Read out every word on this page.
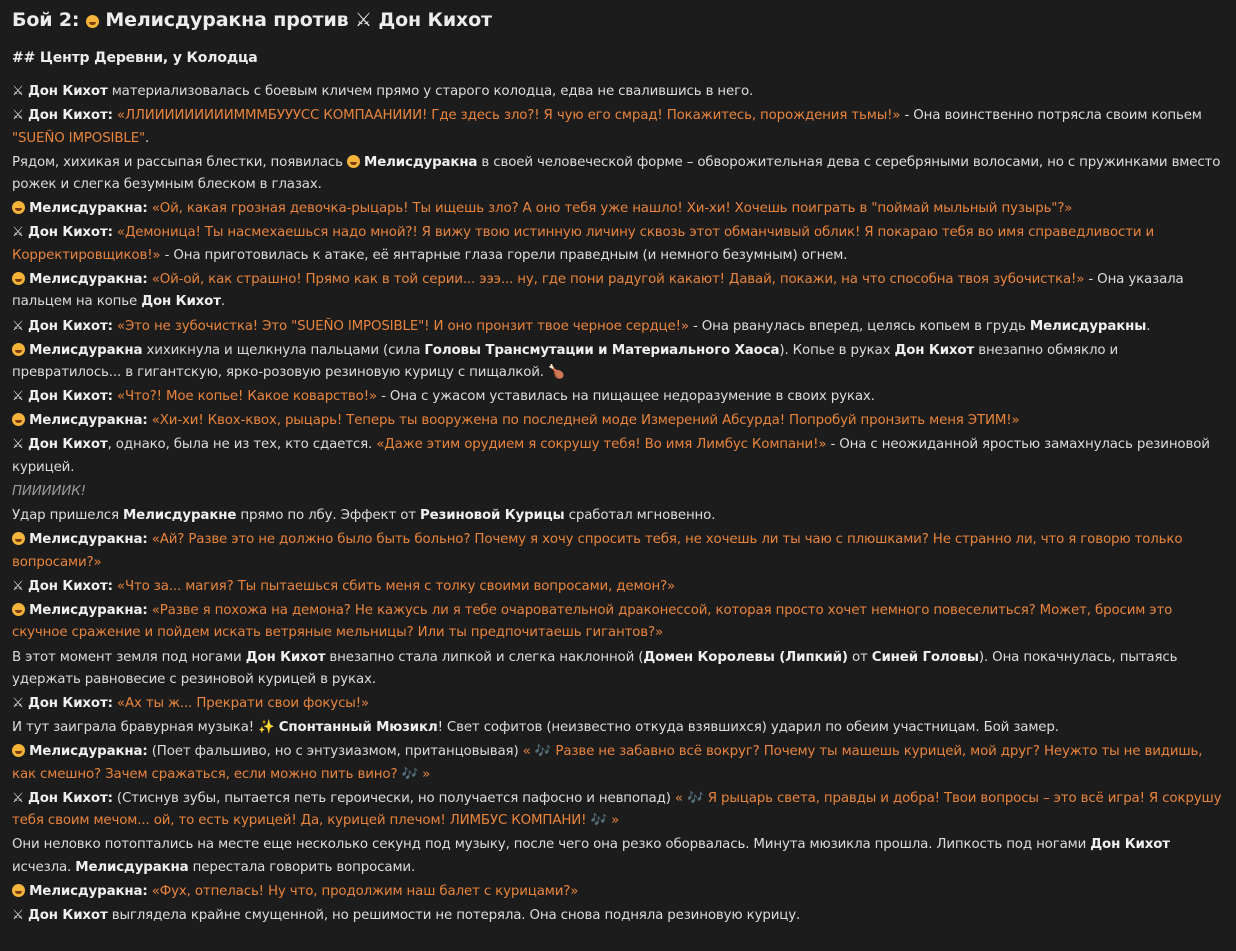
Бой 2: Мелисдуракна против ⚔ Дон Кихот
## Центр Деревни, у Колодца

⚔ Дон Кихот материализовалась с боевым кличем прямо у старого колодца, едва не свалившись в него.

⚔ Дон Кихот: «ЛЛИИИИИИИИИМММБУУУСС КОМПААНИИИ! Где здесь зло?! Я чую его смрад! Покажитесь, порождения тьмы!» - Она воинственно потрясла своим копьем "SUEÑO IMPOSIBLE".

Рядом, хихикая и рассыпая блестки, появилась  Мелисдуракна в своей человеческой форме – обворожительная дева с серебряными волосами, но с пружинками вместо рожек и слегка безумным блеском в глазах.

Мелисдуракна: «Ой, какая грозная девочка-рыцарь! Ты ищешь зло? А оно тебя уже нашло! Хи-хи! Хочешь поиграть в "поймай мыльный пузырь"?»

⚔ Дон Кихот: «Демоница! Ты насмехаешься надо мной?! Я вижу твою истинную личину сквозь этот обманчивый облик! Я покараю тебя во имя справедливости и Корректировщиков!» - Она приготовилась к атаке, её янтарные глаза горели праведным (и немного безумным) огнем.

Мелисдуракна: «Ой-ой, как страшно! Прямо как в той серии... эээ... ну, где пони радугой какают! Давай, покажи, на что способна твоя зубочистка!» - Она указала пальцем на копье Дон Кихот.

⚔ Дон Кихот: «Это не зубочистка! Это "SUEÑO IMPOSIBLE"! И оно пронзит твое черное сердце!» - Она рванулась вперед, целясь копьем в грудь Мелисдуракны.

Мелисдуракна хихикнула и щелкнула пальцами (сила Головы Трансмутации и Материального Хаоса). Копье в руках Дон Кихот внезапно обмякло и превратилось... в гигантскую, ярко-розовую резиновую курицу с пищалкой. 🍗

⚔ Дон Кихот: «Что?! Мое копье! Какое коварство!» - Она с ужасом уставилась на пищащее недоразумение в своих руках.

Мелисдуракна: «Хи-хи! Квох-квох, рыцарь! Теперь ты вооружена по последней моде Измерений Абсурда! Попробуй пронзить меня ЭТИМ!»

⚔ Дон Кихот, однако, была не из тех, кто сдается. «Даже этим орудием я сокрушу тебя! Во имя Лимбус Компани!» - Она с неожиданной яростью замахнулась резиновой курицей.

ПИИИИИК!

Удар пришелся Мелисдуракне прямо по лбу. Эффект от Резиновой Курицы сработал мгновенно.

Мелисдуракна: «Ай? Разве это не должно было быть больно? Почему я хочу спросить тебя, не хочешь ли ты чаю с плюшками? Не странно ли, что я говорю только вопросами?»

⚔ Дон Кихот: «Что за... магия? Ты пытаешься сбить меня с толку своими вопросами, демон?»

Мелисдуракна: «Разве я похожа на демона? Не кажусь ли я тебе очаровательной драконессой, которая просто хочет немного повеселиться? Может, бросим это скучное сражение и пойдем искать ветряные мельницы? Или ты предпочитаешь гигантов?»

В этот момент земля под ногами Дон Кихот внезапно стала липкой и слегка наклонной (Домен Королевы (Липкий) от Синей Головы). Она покачнулась, пытаясь удержать равновесие с резиновой курицей в руках.

⚔ Дон Кихот: «Ах ты ж... Прекрати свои фокусы!»

И тут заиграла бравурная музыка! ✨ Спонтанный Мюзикл! Свет софитов (неизвестно откуда взявшихся) ударил по обеим участницам. Бой замер.

Мелисдуракна: (Поет фальшиво, но с энтузиазмом, пританцовывая) « 🎶 Разве не забавно всё вокруг? Почему ты машешь курицей, мой друг? Неужто ты не видишь, как смешно? Зачем сражаться, если можно пить вино? 🎶 »

⚔ Дон Кихот: (Стиснув зубы, пытается петь героически, но получается пафосно и невпопад) « 🎶 Я рыцарь света, правды и добра! Твои вопросы – это всё игра! Я сокрушу тебя своим мечом... ой, то есть курицей! Да, курицей плечом! ЛИМБУС КОМПАНИ! 🎶 »

Они неловко потоптались на месте еще несколько секунд под музыку, после чего она резко оборвалась. Минута мюзикла прошла. Липкость под ногами Дон Кихот исчезла. Мелисдуракна перестала говорить вопросами.

Мелисдуракна: «Фух, отпелась! Ну что, продолжим наш балет с курицами?»

⚔ Дон Кихот выглядела крайне смущенной, но решимости не потеряла. Она снова подняла резиновую курицу.
